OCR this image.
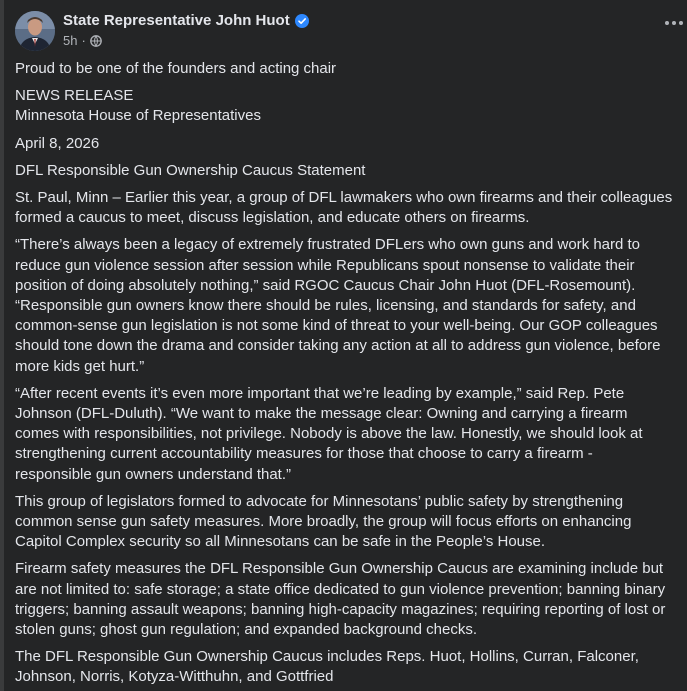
State Representative John Huot
5h ·

Proud to be one of the founders and acting chair

NEWS RELEASE
Minnesota House of Representatives

April 8, 2026

DFL Responsible Gun Ownership Caucus Statement

St. Paul, Minn – Earlier this year, a group of DFL lawmakers who own firearms and their colleagues
formed a caucus to meet, discuss legislation, and educate others on firearms.

“There’s always been a legacy of extremely frustrated DFLers who own guns and work hard to
reduce gun violence session after session while Republicans spout nonsense to validate their
position of doing absolutely nothing,” said RGOC Caucus Chair John Huot (DFL-Rosemount).
“Responsible gun owners know there should be rules, licensing, and standards for safety, and
common-sense gun legislation is not some kind of threat to your well-being. Our GOP colleagues
should tone down the drama and consider taking any action at all to address gun violence, before
more kids get hurt.”

“After recent events it’s even more important that we’re leading by example,” said Rep. Pete
Johnson (DFL-Duluth). “We want to make the message clear: Owning and carrying a firearm
comes with responsibilities, not privilege. Nobody is above the law. Honestly, we should look at
strengthening current accountability measures for those that choose to carry a firearm -
responsible gun owners understand that.”

This group of legislators formed to advocate for Minnesotans’ public safety by strengthening
common sense gun safety measures. More broadly, the group will focus efforts on enhancing
Capitol Complex security so all Minnesotans can be safe in the People’s House.

Firearm safety measures the DFL Responsible Gun Ownership Caucus are examining include but
are not limited to: safe storage; a state office dedicated to gun violence prevention; banning binary
triggers; banning assault weapons; banning high-capacity magazines; requiring reporting of lost or
stolen guns; ghost gun regulation; and expanded background checks.

The DFL Responsible Gun Ownership Caucus includes Reps. Huot, Hollins, Curran, Falconer,
Johnson, Norris, Kotyza-Witthuhn, and Gottfried
